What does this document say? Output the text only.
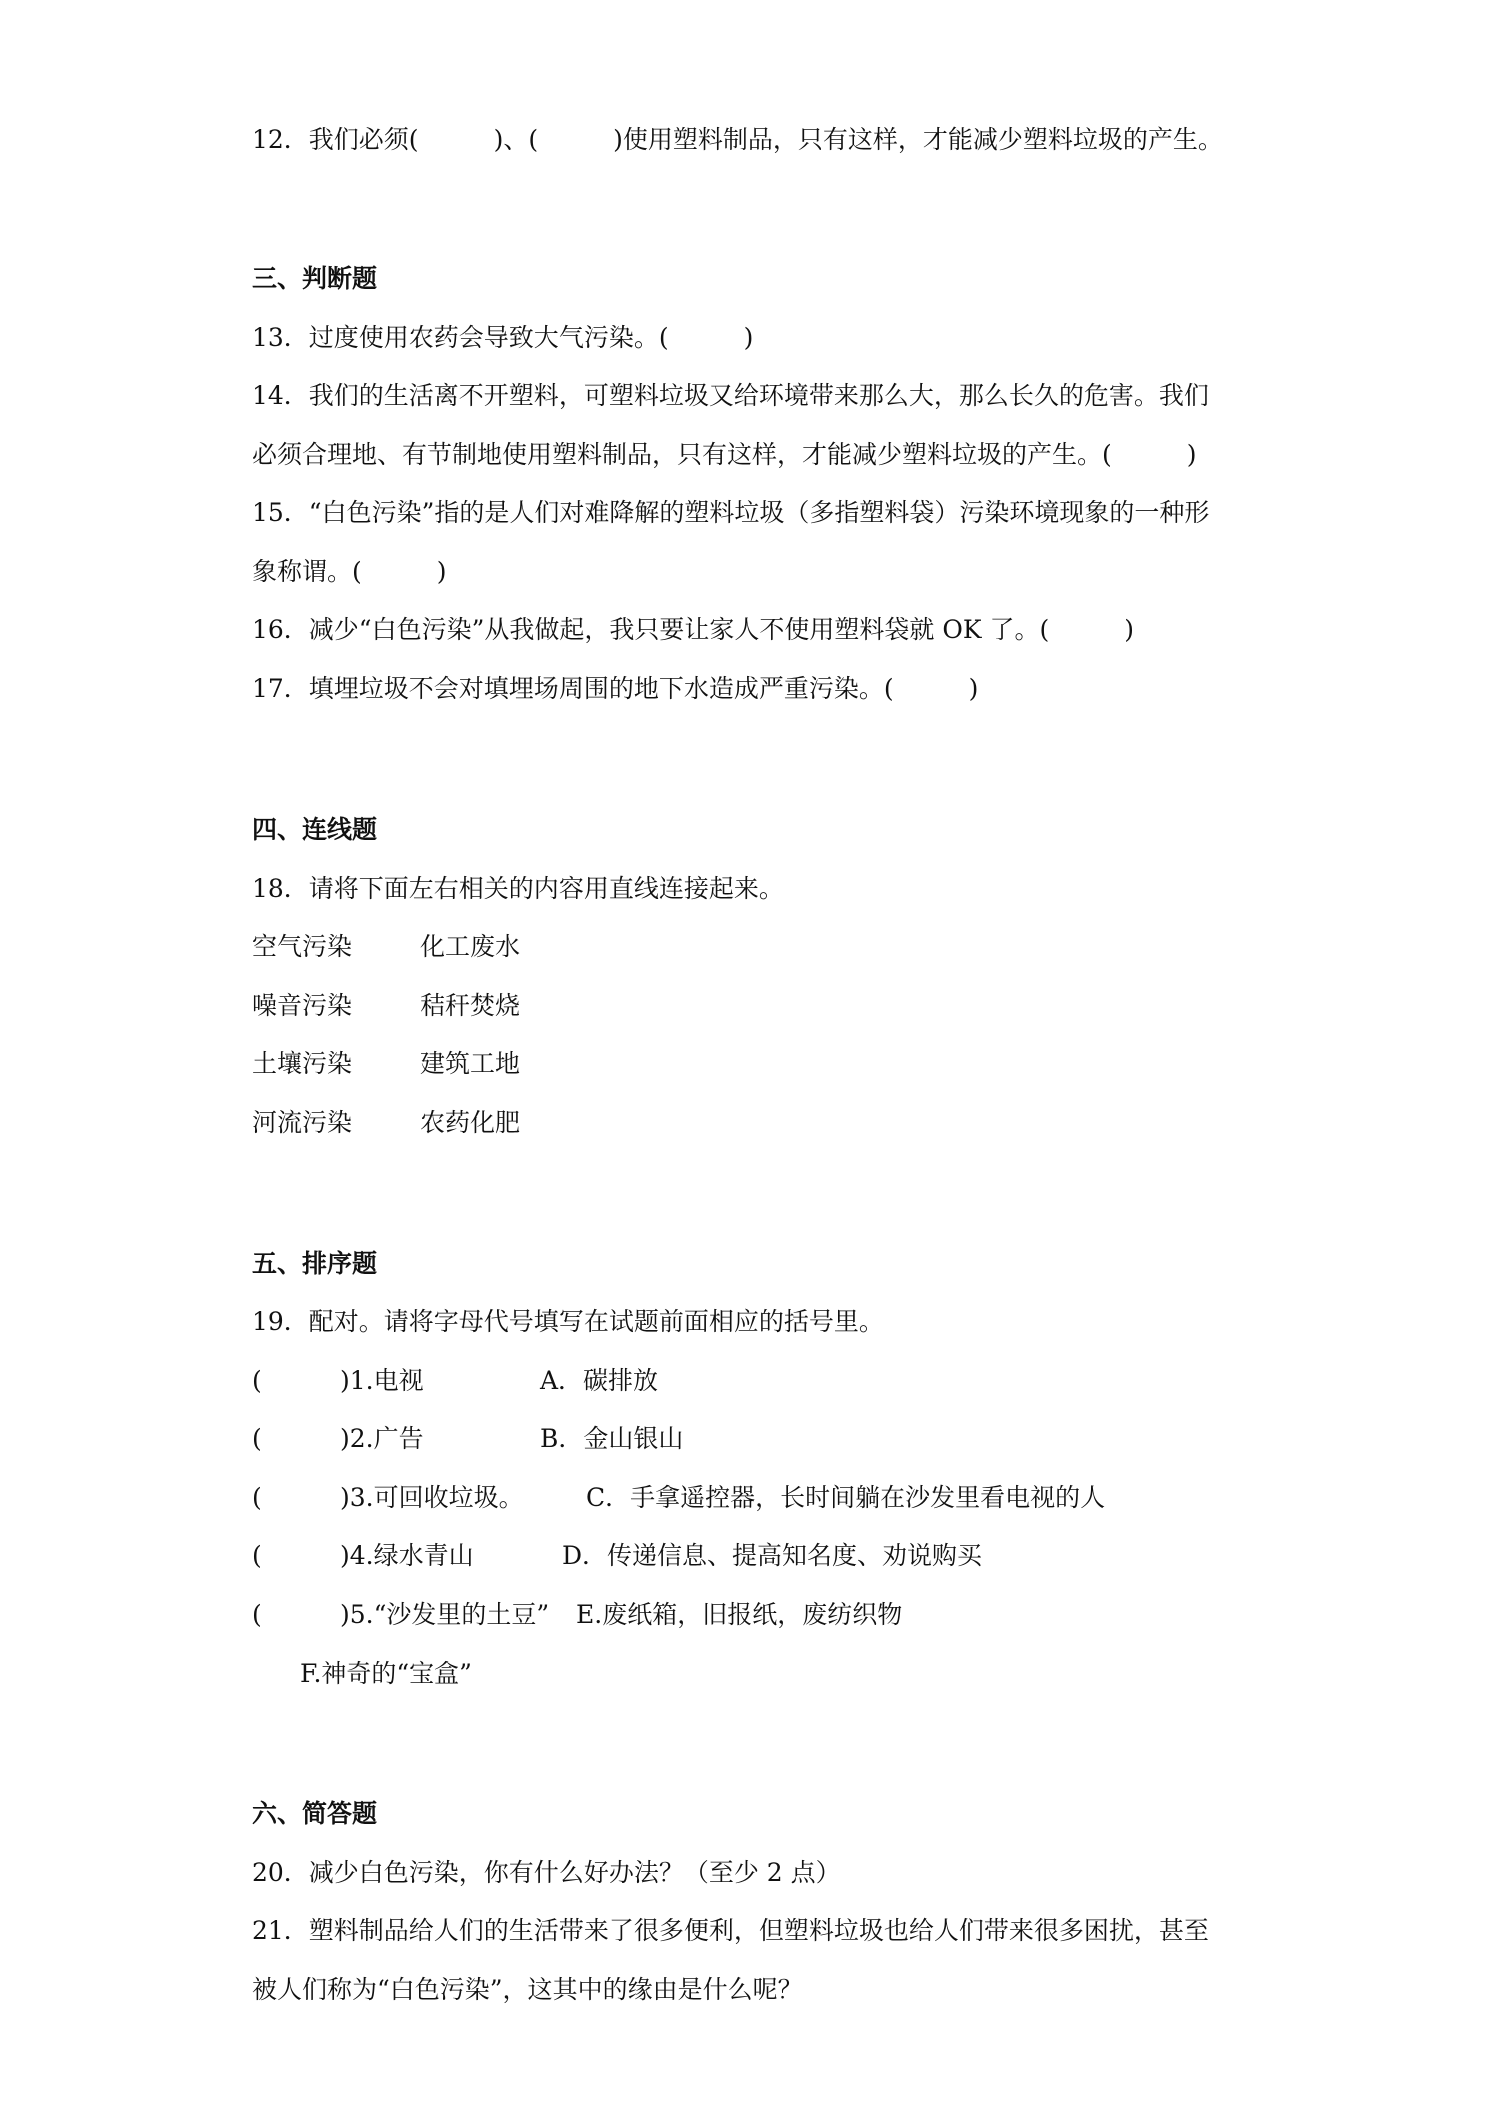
12．我们必须(　　　)、(　　　)使用塑料制品，只有这样，才能减少塑料垃圾的产生。
三、判断题
13．过度使用农药会导致大气污染。(　　　)
14．我们的生活离不开塑料，可塑料垃圾又给环境带来那么大，那么长久的危害。我们
必须合理地、有节制地使用塑料制品，只有这样，才能减少塑料垃圾的产生。(　　　)
15．“白色污染”指的是人们对难降解的塑料垃圾（多指塑料袋）污染环境现象的一种形
象称谓。(　　　)
16．减少“白色污染”从我做起，我只要让家人不使用塑料袋就 OK 了。(　　　)
17．填埋垃圾不会对填埋场周围的地下水造成严重污染。(　　　)
四、连线题
18．请将下面左右相关的内容用直线连接起来。
空气污染	化工废水
噪音污染	秸秆焚烧
土壤污染	建筑工地
河流污染	农药化肥
五、排序题
19．配对。请将字母代号填写在试题前面相应的括号里。
(	)1.电视	A．碳排放
(	)2.广告	B．金山银山
(	)3.可回收垃圾。 C．手拿遥控器，长时间躺在沙发里看电视的人
(	)4.绿水青山	D．传递信息、提高知名度、劝说购买
(	)5.“沙发里的土豆” E.废纸箱，旧报纸，废纺织物
F.神奇的“宝盒”
六、简答题
20．减少白色污染，你有什么好办法？（至少 2 点）
21．塑料制品给人们的生活带来了很多便利，但塑料垃圾也给人们带来很多困扰，甚至
被人们称为“白色污染”，这其中的缘由是什么呢？
